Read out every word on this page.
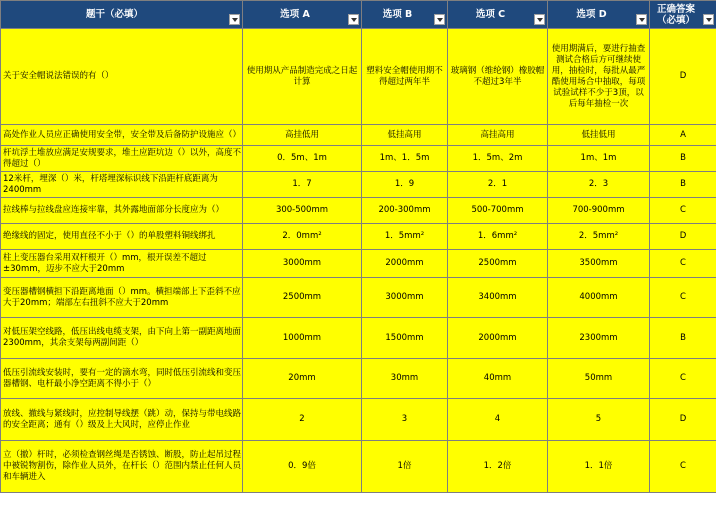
题干（必填）	选项 A	选项 B	选项 C	选项 D	正确答案（必填）

关于安全帽说法错误的有（）	使用期从产品制造完成之日起计算	塑料安全帽使用期不得超过两年半	玻璃钢（维纶钢）橡胶帽不超过3年半	使用期满后，要进行抽查测试合格后方可继续使用，抽检时，每批从最严酷使用场合中抽取，每项试验试样不少于3顶，以后每年抽检一次	D
高处作业人员应正确使用安全带，安全带及后备防护设施应（）	高挂低用	低挂高用	高挂高用	低挂低用	A
杆坑浮土堆放应满足安规要求，堆土应距坑边（）以外，高度不得超过（）	0．5m、1m	1m、1．5m	1．5m、2m	1m、1m	B
12米杆，埋深（）米，杆塔埋深标识线下沿距杆底距离为2400mm	1．7	1．9	2．1	2．3	B
拉线棒与拉线盘应连接牢靠，其外露地面部分长度应为（）	300-500mm	200-300mm	500-700mm	700-900mm	C
绝缘线的固定，使用直径不小于（）的单股塑料铜线绑扎	2．0mm²	1．5mm²	1．6mm²	2．5mm²	D
柱上变压器台采用双杆根开（）mm，根开误差不超过±30mm，迈步不应大于20mm	3000mm	2000mm	2500mm	3500mm	C
变压器槽钢横担下沿距离地面（）mm。横担端部上下歪斜不应大于20mm；端部左右扭斜不应大于20mm	2500mm	3000mm	3400mm	4000mm	C
对低压架空线路，低压出线电缆支架，由下向上第一副距离地面2300mm，其余支架每两副间距（）	1000mm	1500mm	2000mm	2300mm	B
低压引流线安装时，要有一定的滴水弯，同时低压引流线和变压器槽钢、电杆最小净空距离不得小于（）	20mm	30mm	40mm	50mm	C
放线、撤线与紧线时，应控制导线摆（跳）动，保持与带电线路的安全距离；通有（）级及上大风时，应停止作业	2	3	4	5	D
立（撤）杆时，必须检查钢丝绳是否锈蚀、断股，防止起吊过程中被锐物割伤，除作业人员外，在杆长（）范围内禁止任何人员和车辆进入	0．9倍	1倍	1．2倍	1．1倍	C
